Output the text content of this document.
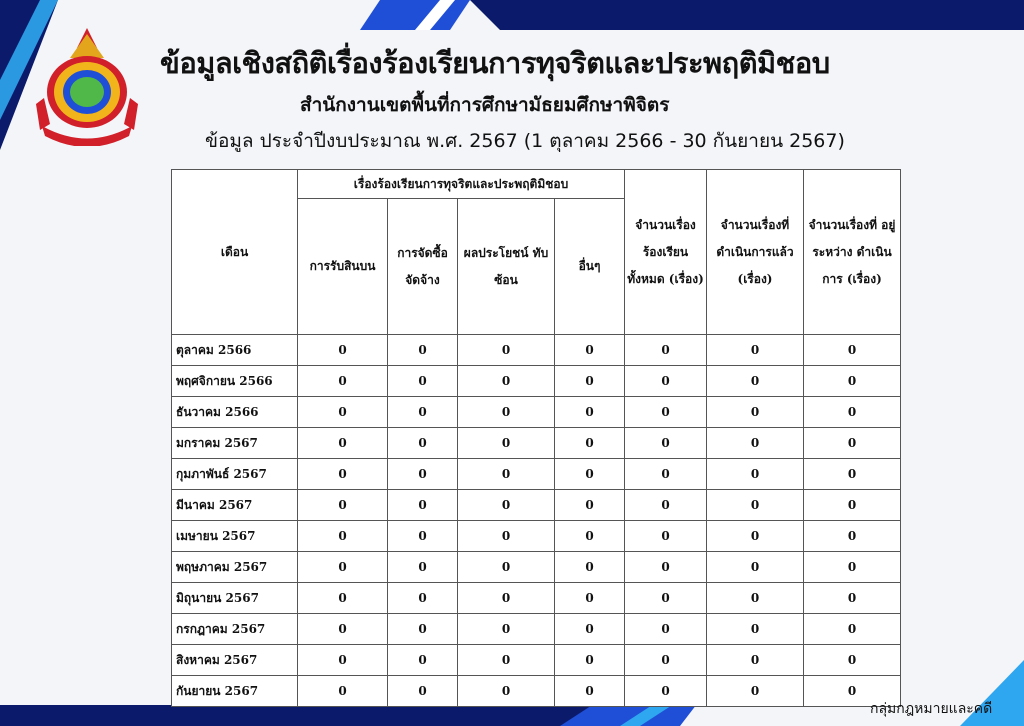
ข้อมูลเชิงสถิติเรื่องร้องเรียนการทุจริตและประพฤติมิชอบ
สำนักงานเขตพื้นที่การศึกษามัธยมศึกษาพิจิตร
ข้อมูล ประจำปีงบประมาณ พ.ศ. 2567 (1 ตุลาคม 2566 - 30 กันยายน 2567)
เดือน	เรื่องร้องเรียนการทุจริตและประพฤติมิชอบ				จำนวนเรื่อง ร้องเรียน ทั้งหมด (เรื่อง)	จำนวนเรื่องที่ ดำเนินการแล้ว (เรื่อง)	จำนวนเรื่องที่ อยู่ระหว่าง ดำเนินการ (เรื่อง)
	การรับสินบน	การจัดซื้อ จัดจ้าง	ผลประโยชน์ ทับซ้อน	อื่นๆ			
ตุลาคม 2566	0	0	0	0	0	0	0
พฤศจิกายน 2566	0	0	0	0	0	0	0
ธันวาคม 2566	0	0	0	0	0	0	0
มกราคม 2567	0	0	0	0	0	0	0
กุมภาพันธ์ 2567	0	0	0	0	0	0	0
มีนาคม 2567	0	0	0	0	0	0	0
เมษายน 2567	0	0	0	0	0	0	0
พฤษภาคม 2567	0	0	0	0	0	0	0
มิถุนายน 2567	0	0	0	0	0	0	0
กรกฎาคม 2567	0	0	0	0	0	0	0
สิงหาคม 2567	0	0	0	0	0	0	0
กันยายน 2567	0	0	0	0	0	0	0
กลุ่มกฎหมายและคดี
